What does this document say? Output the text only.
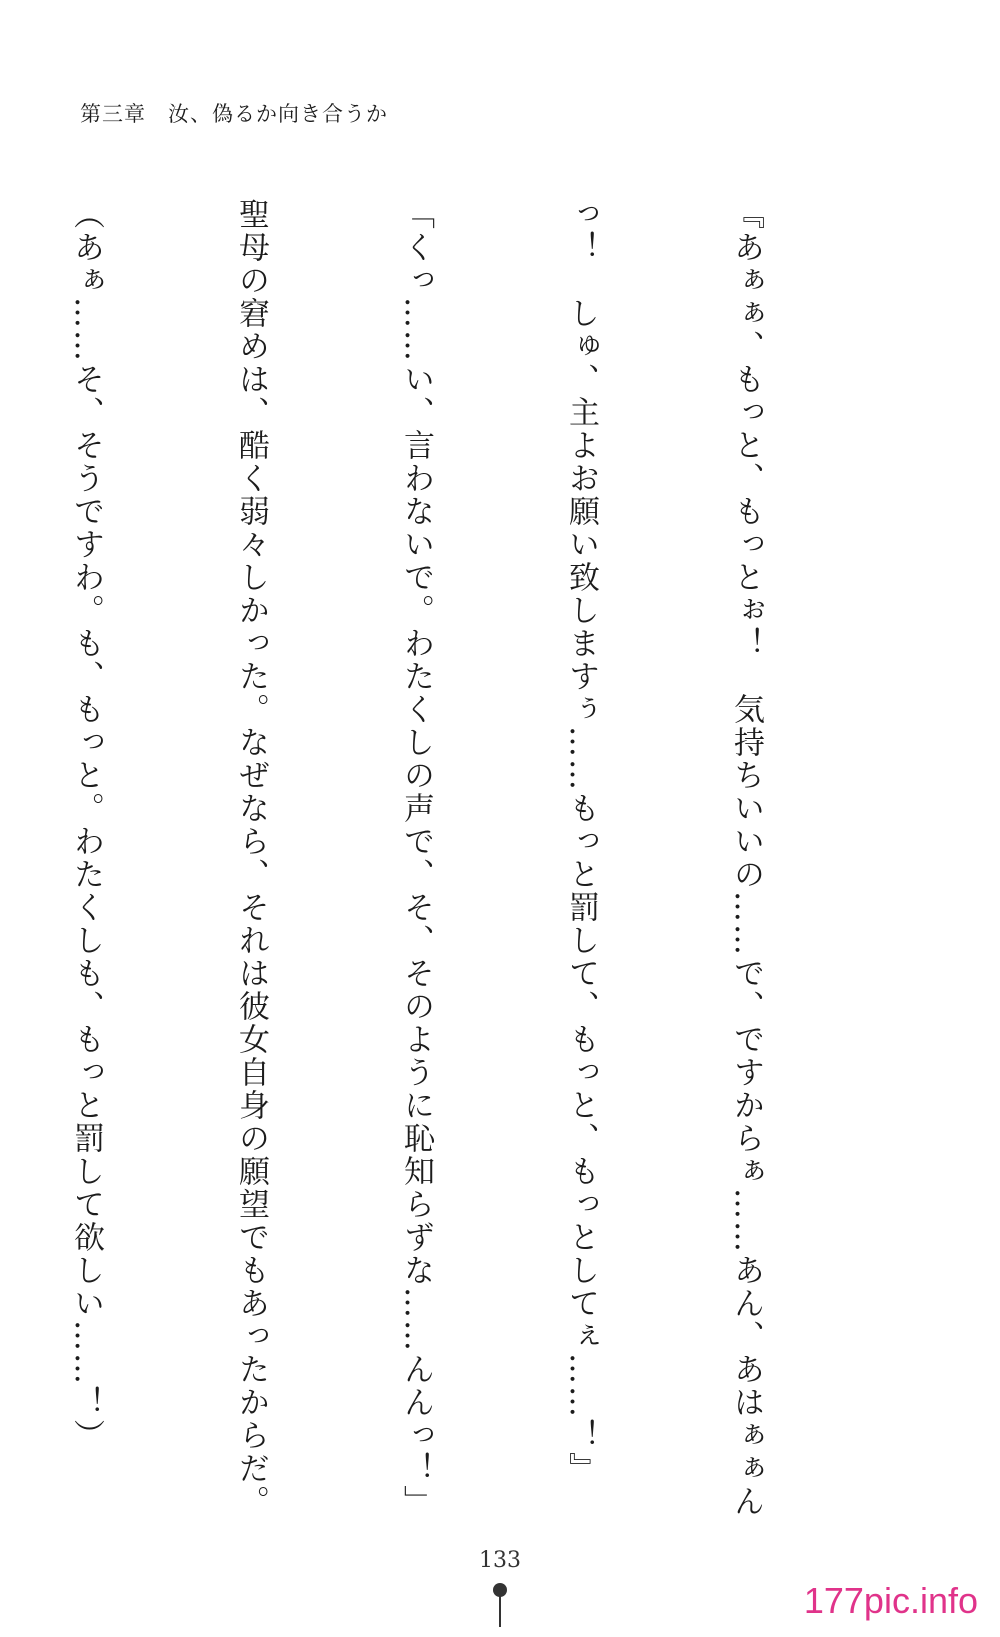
第三章　汝、偽るか向き合うか

『あぁぁ、もっと、もっとぉ！　気持ちいいの……で、ですからぁ……あん、あはぁぁん

っ！　しゅ、主よお願い致しますぅ……もっと罰して、もっと、もっとしてぇ……！』

「くっ……い、言わないで。わたくしの声で、そ、そのように恥知らずな……んんっ！」

聖母の窘めは、酷く弱々しかった。なぜなら、それは彼女自身の願望でもあったからだ。

（あぁ……そ、そうですわ。も、もっと。わたくしも、もっと罰して欲しい……！）

133
177pic.info
